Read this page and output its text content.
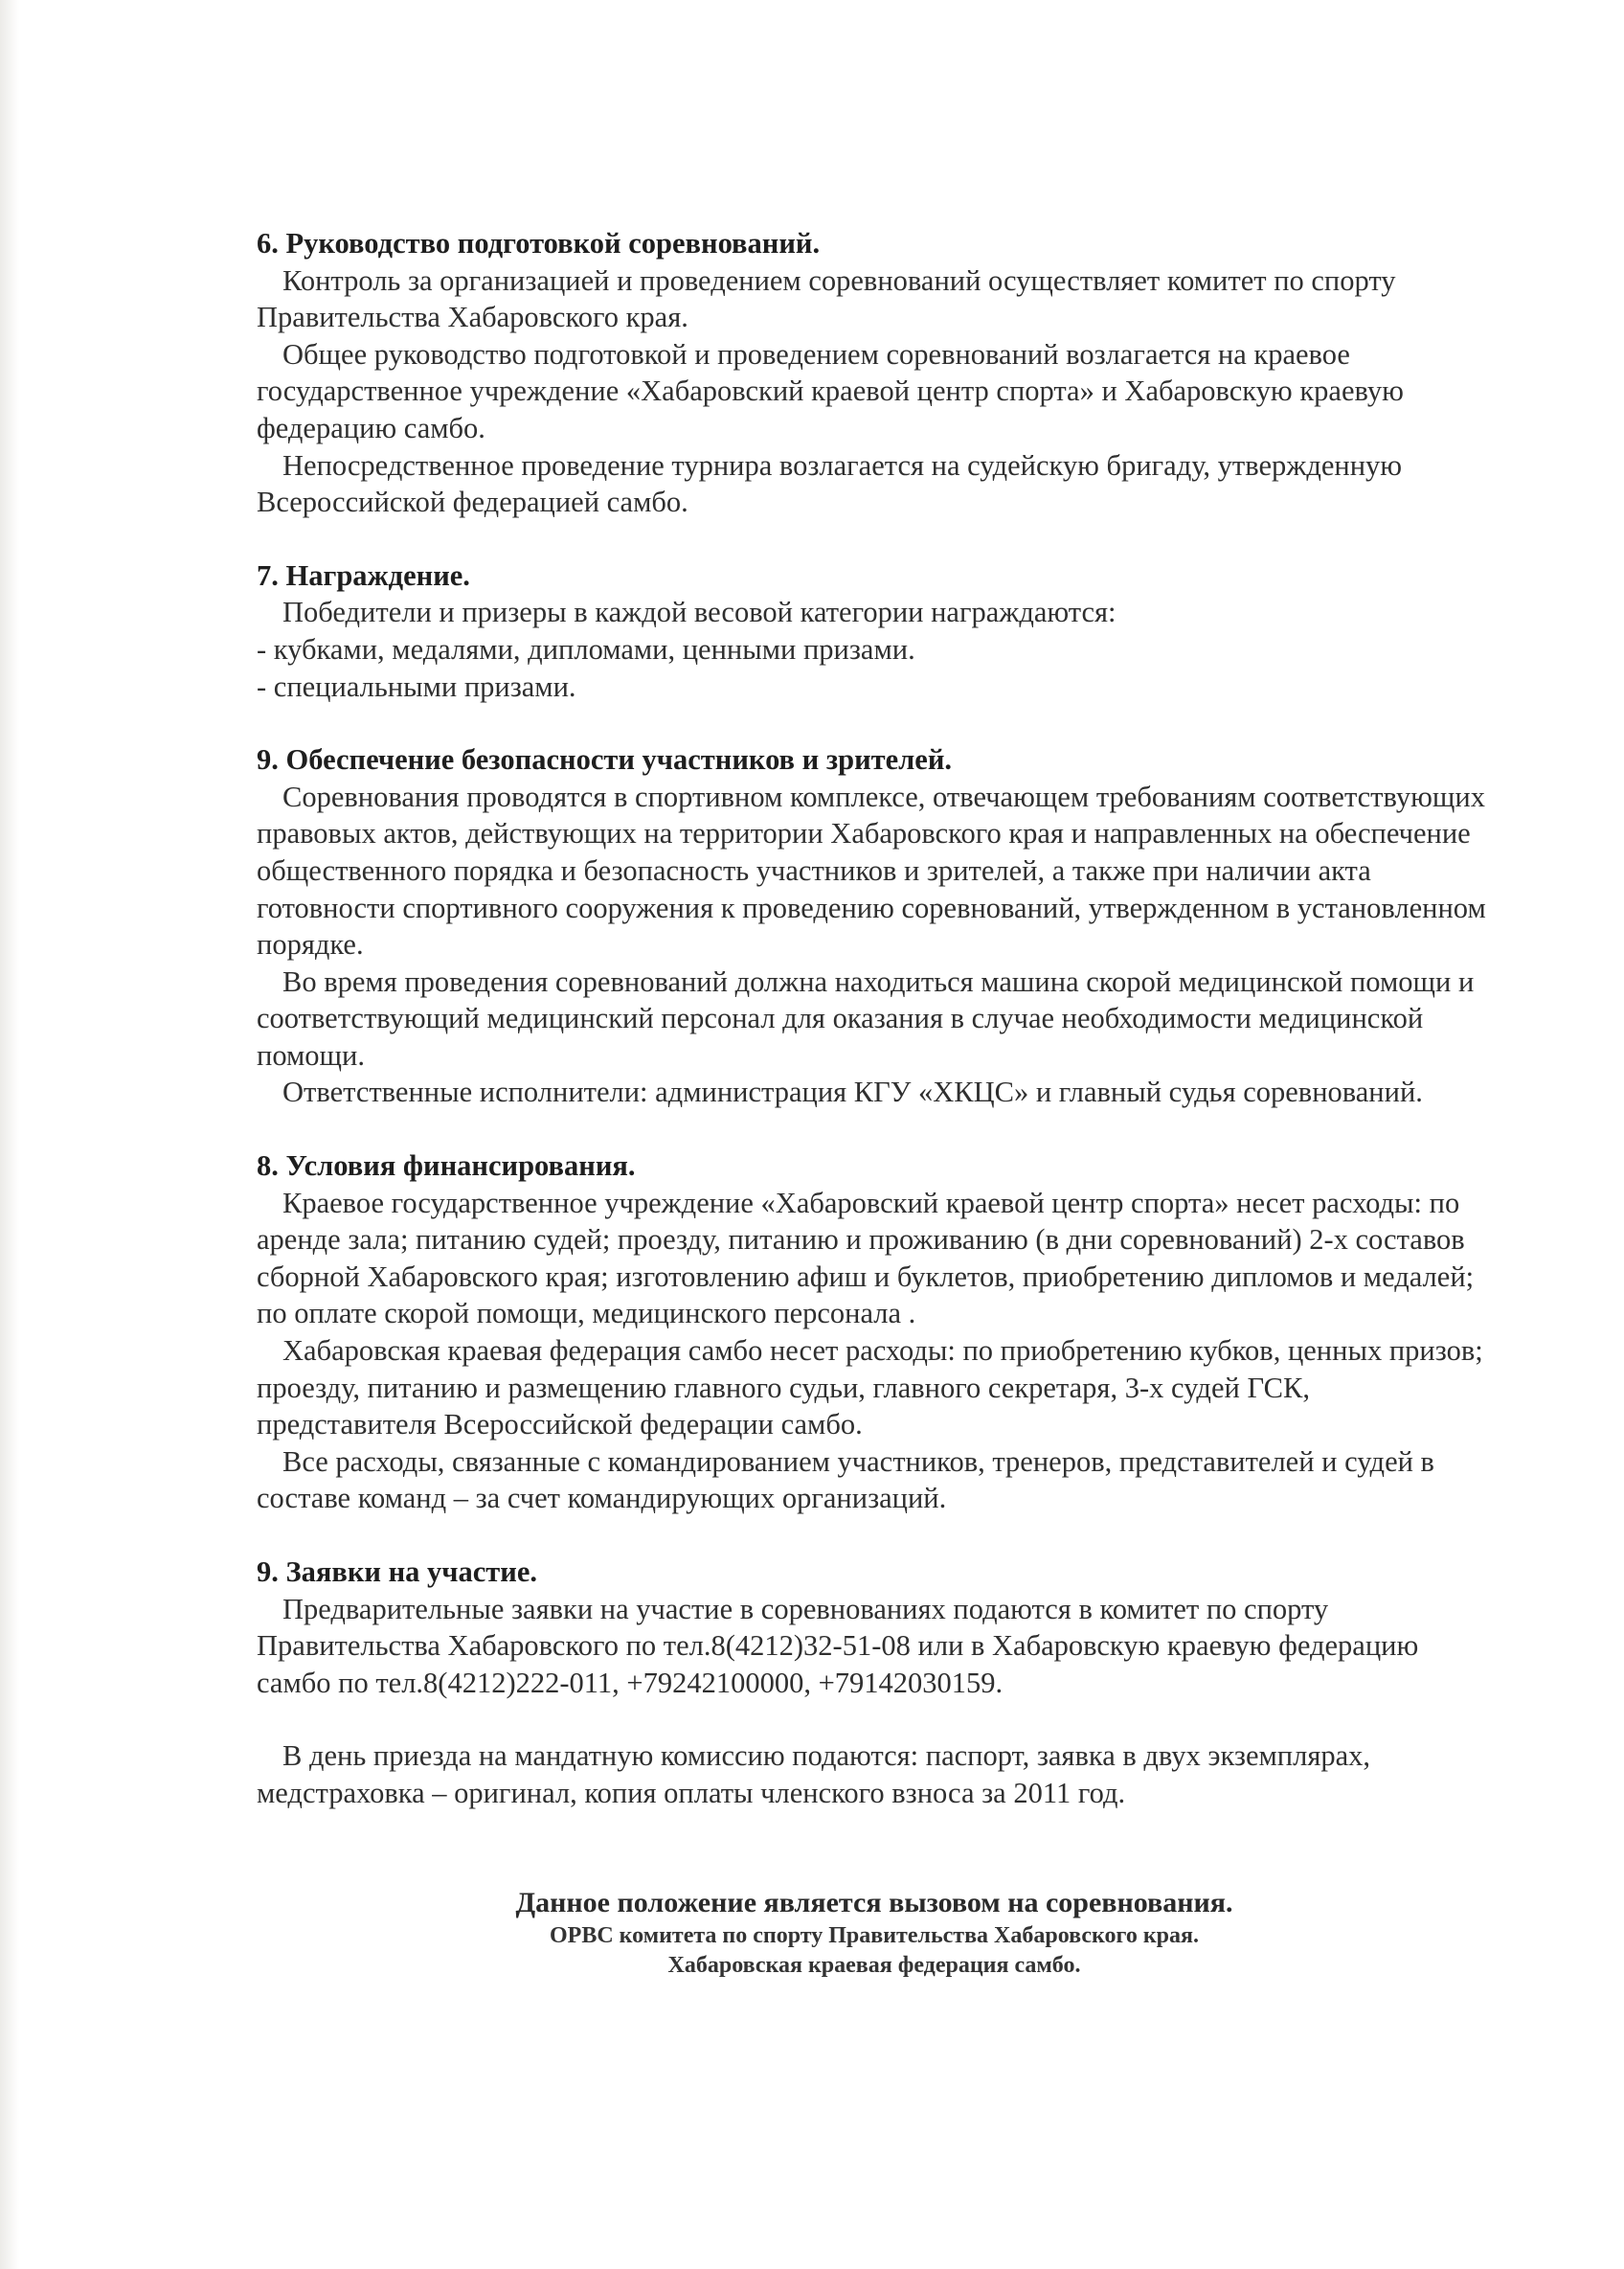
6. Руководство подготовкой соревнований.
Контроль за организацией и проведением соревнований осуществляет комитет по спорту Правительства Хабаровского края.
Общее руководство подготовкой и проведением соревнований возлагается на краевое государственное учреждение «Хабаровский краевой центр спорта» и Хабаровскую краевую федерацию самбо.
Непосредственное проведение турнира возлагается на судейскую бригаду, утвержденную Всероссийской федерацией самбо.
7. Награждение.
Победители и призеры в каждой весовой категории награждаются:
- кубками, медалями, дипломами, ценными призами.
- специальными призами.
9. Обеспечение безопасности участников и зрителей.
Соревнования проводятся в спортивном комплексе, отвечающем требованиям соответствующих правовых актов, действующих на территории Хабаровского края и направленных на обеспечение общественного порядка и безопасность участников и зрителей, а также при наличии акта готовности спортивного сооружения к проведению соревнований, утвержденном в установленном порядке.
Во время проведения соревнований должна находиться машина скорой медицинской помощи и соответствующий медицинский персонал для оказания в случае необходимости медицинской помощи.
Ответственные исполнители: администрация КГУ «ХКЦС» и главный судья соревнований.
8. Условия финансирования.
Краевое государственное учреждение «Хабаровский краевой центр спорта» несет расходы: по аренде зала; питанию судей; проезду, питанию и проживанию (в дни соревнований) 2-х составов сборной Хабаровского края; изготовлению афиш и буклетов, приобретению дипломов и медалей; по оплате скорой помощи, медицинского персонала .
Хабаровская краевая федерация самбо несет расходы: по приобретению кубков, ценных призов; проезду, питанию и размещению главного судьи, главного секретаря, 3-х судей ГСК, представителя Всероссийской федерации самбо.
Все расходы, связанные с командированием участников, тренеров, представителей и судей в составе команд – за счет командирующих организаций.
9. Заявки на участие.
Предварительные заявки на участие в соревнованиях подаются в комитет по спорту Правительства Хабаровского по тел.8(4212)32-51-08 или в Хабаровскую краевую федерацию самбо по тел.8(4212)222-011, +79242100000, +79142030159.
В день приезда на мандатную комиссию подаются: паспорт, заявка в двух экземплярах, медстраховка – оригинал, копия оплаты членского взноса за 2011 год.
Данное положение является вызовом на соревнования.
ОРВС комитета по спорту Правительства Хабаровского края.
Хабаровская краевая федерация самбо.
